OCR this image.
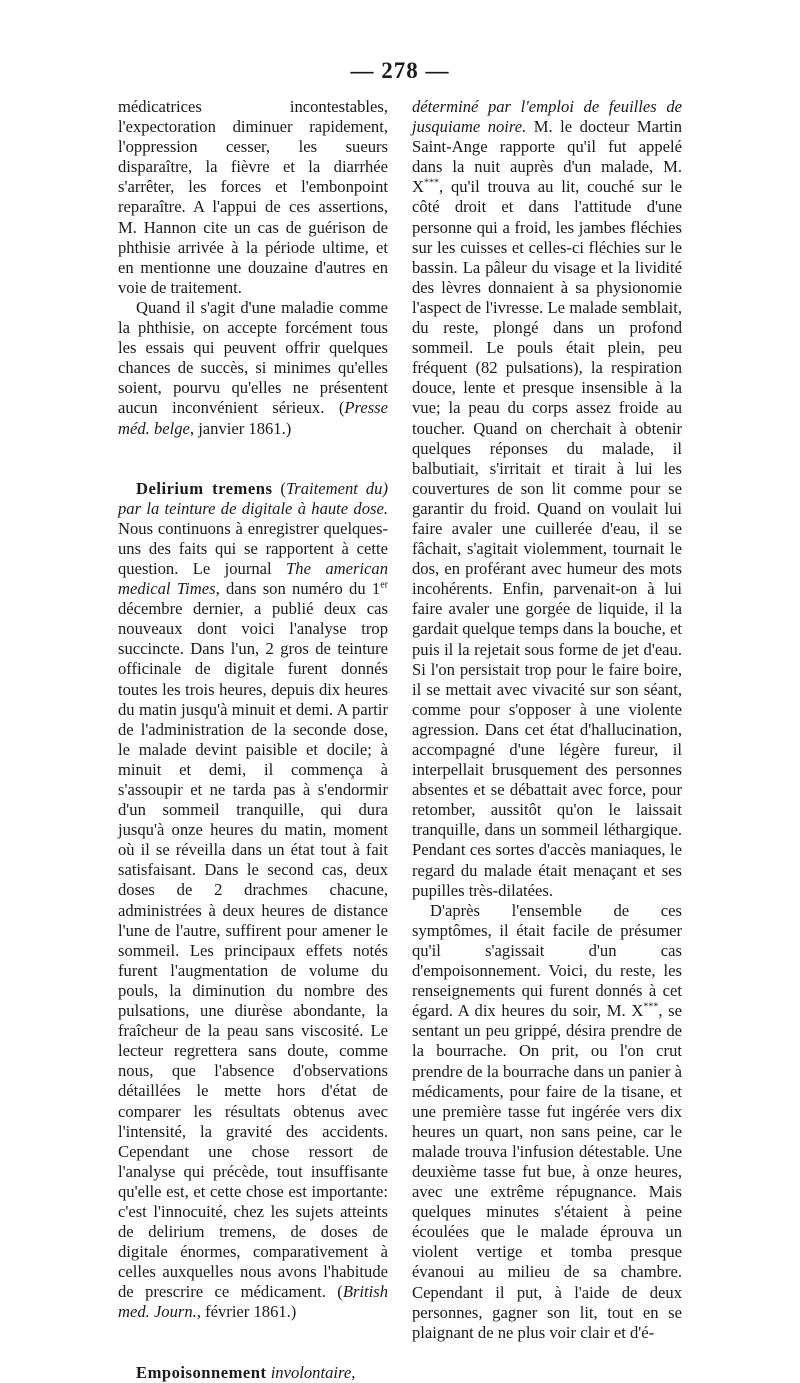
— 278 —

médicatrices incontestables, l'expectoration diminuer rapidement, l'oppression cesser, les sueurs disparaître, la fièvre et la diarrhée s'arrêter, les forces et l'embonpoint reparaître. A l'appui de ces assertions, M. Hannon cite un cas de guérison de phthisie arrivée à la période ultime, et en mentionne une douzaine d'autres en voie de traitement.

Quand il s'agit d'une maladie comme la phthisie, on accepte forcément tous les essais qui peuvent offrir quelques chances de succès, si minimes qu'elles soient, pourvu qu'elles ne présentent aucun inconvénient sérieux. (Presse méd. belge, janvier 1861.)

Delirium tremens (Traitement du) par la teinture de digitale à haute dose. Nous continuons à enregistrer quelques-uns des faits qui se rapportent à cette question. Le journal The american medical Times, dans son numéro du 1er décembre dernier, a publié deux cas nouveaux dont voici l'analyse trop succincte. Dans l'un, 2 gros de teinture officinale de digitale furent donnés toutes les trois heures, depuis dix heures du matin jusqu'à minuit et demi. A partir de l'administration de la seconde dose, le malade devint paisible et docile; à minuit et demi, il commença à s'assoupir et ne tarda pas à s'endormir d'un sommeil tranquille, qui dura jusqu'à onze heures du matin, moment où il se réveilla dans un état tout à fait satisfaisant. Dans le second cas, deux doses de 2 drachmes chacune, administrées à deux heures de distance l'une de l'autre, suffirent pour amener le sommeil. Les principaux effets notés furent l'augmentation de volume du pouls, la diminution du nombre des pulsations, une diurèse abondante, la fraîcheur de la peau sans viscosité. Le lecteur regrettera sans doute, comme nous, que l'absence d'observations détaillées le mette hors d'état de comparer les résultats obtenus avec l'intensité, la gravité des accidents. Cependant une chose ressort de l'analyse qui précède, tout insuffisante qu'elle est, et cette chose est importante: c'est l'innocuité, chez les sujets atteints de delirium tremens, de doses de digitale énormes, comparativement à celles auxquelles nous avons l'habitude de prescrire ce médicament. (British med. Journ., février 1861.)

Empoisonnement involontaire,

déterminé par l'emploi de feuilles de jusquiame noire. M. le docteur Martin Saint-Ange rapporte qu'il fut appelé dans la nuit auprès d'un malade, M. X***, qu'il trouva au lit, couché sur le côté droit et dans l'attitude d'une personne qui a froid, les jambes fléchies sur les cuisses et celles-ci fléchies sur le bassin. La pâleur du visage et la lividité des lèvres donnaient à sa physionomie l'aspect de l'ivresse. Le malade semblait, du reste, plongé dans un profond sommeil. Le pouls était plein, peu fréquent (82 pulsations), la respiration douce, lente et presque insensible à la vue; la peau du corps assez froide au toucher. Quand on cherchait à obtenir quelques réponses du malade, il balbutiait, s'irritait et tirait à lui les couvertures de son lit comme pour se garantir du froid. Quand on voulait lui faire avaler une cuillerée d'eau, il se fâchait, s'agitait violemment, tournait le dos, en proférant avec humeur des mots incohérents. Enfin, parvenait-on à lui faire avaler une gorgée de liquide, il la gardait quelque temps dans la bouche, et puis il la rejetait sous forme de jet d'eau. Si l'on persistait trop pour le faire boire, il se mettait avec vivacité sur son séant, comme pour s'opposer à une violente agression. Dans cet état d'hallucination, accompagné d'une légère fureur, il interpellait brusquement des personnes absentes et se débattait avec force, pour retomber, aussitôt qu'on le laissait tranquille, dans un sommeil léthargique. Pendant ces sortes d'accès maniaques, le regard du malade était menaçant et ses pupilles très-dilatées.

D'après l'ensemble de ces symptômes, il était facile de présumer qu'il s'agissait d'un cas d'empoisonnement. Voici, du reste, les renseignements qui furent donnés à cet égard. A dix heures du soir, M. X***, se sentant un peu grippé, désira prendre de la bourrache. On prit, ou l'on crut prendre de la bourrache dans un panier à médicaments, pour faire de la tisane, et une première tasse fut ingérée vers dix heures un quart, non sans peine, car le malade trouva l'infusion détestable. Une deuxième tasse fut bue, à onze heures, avec une extrême répugnance. Mais quelques minutes s'étaient à peine écoulées que le malade éprouva un violent vertige et tomba presque évanoui au milieu de sa chambre. Cependant il put, à l'aide de deux personnes, gagner son lit, tout en se plaignant de ne plus voir clair et d'é-
